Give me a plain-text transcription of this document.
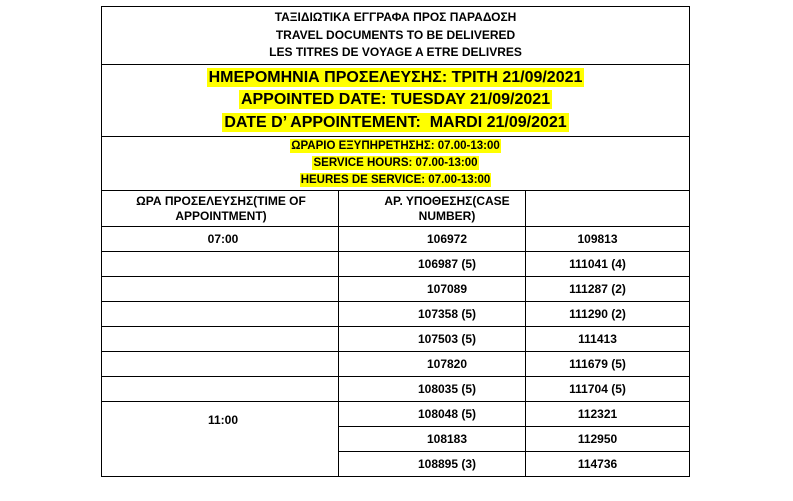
ΤΑΞΙΔΙΩΤΙΚΑ ΕΓΓΡΑΦΑ ΠΡΟΣ ΠΑΡΑΔΟΣΗ
TRAVEL DOCUMENTS TO BE DELIVERED
LES TITRES DE VOYAGE A ETRE DELIVRES		

ΗΜΕΡΟΜΗΝΙΑ ΠΡΟΣΕΛΕΥΣΗΣ: ΤΡΙΤΗ 21/09/2021
APPOINTED DATE: TUESDAY 21/09/2021
DATE D’ APPOINTEMENT:  MARDI 21/09/2021		

ΩΡΑΡΙΟ ΕΞΥΠΗΡΕΤΗΣΗΣ: 07.00-13:00
SERVICE HOURS: 07.00-13:00
HEURES DE SERVICE: 07.00-13:00		

ΩΡΑ ΠΡΟΣΕΛΕΥΣΗΣ(TIME OF APPOINTMENT)	ΑΡ. ΥΠΟΘΕΣΗΣ(CASE NUMBER)	
07:00	106972	109813
	106987 (5)	111041 (4)
	107089	111287 (2)
	107358 (5)	111290 (2)
	107503 (5)	111413
	107820	111679 (5)
	108035 (5)	111704 (5)
11:00	108048 (5)	112321
	108183	112950
	108895 (3)	114736
